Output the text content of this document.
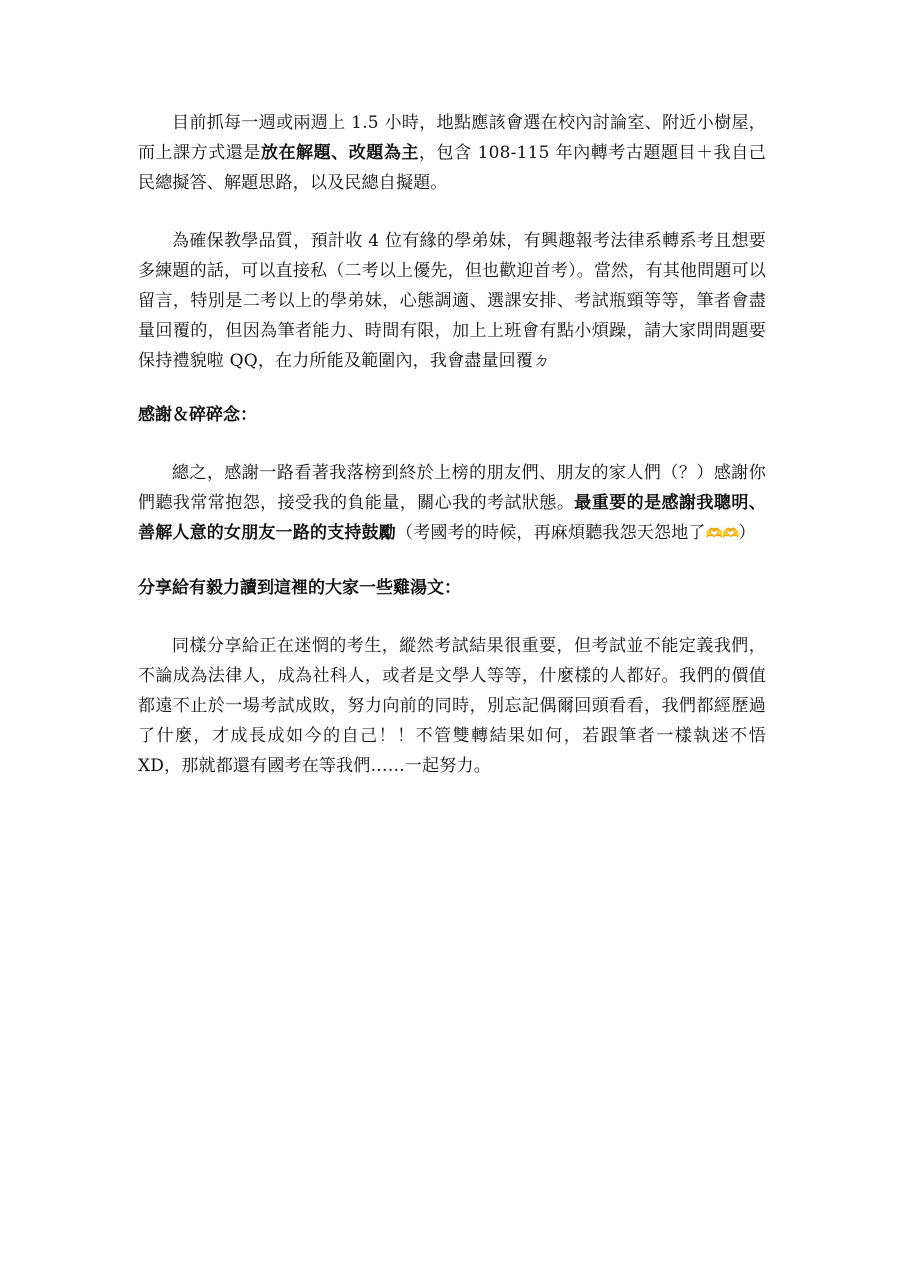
目前抓每一週或兩週上 1.5 小時，地點應該會選在校內討論室、附近小樹屋，而上課方式還是放在解題、改題為主，包含 108-115 年內轉考古題題目＋我自己民總擬答、解題思路，以及民總自擬題。

為確保教學品質，預計收 4 位有緣的學弟妹，有興趣報考法律系轉系考且想要多練題的話，可以直接私（二考以上優先，但也歡迎首考）。當然，有其他問題可以留言，特別是二考以上的學弟妹，心態調適、選課安排、考試瓶頸等等，筆者會盡量回覆的，但因為筆者能力、時間有限，加上上班會有點小煩躁，請大家問問題要保持禮貌啦 QQ，在力所能及範圍內，我會盡量回覆ㄉ

感謝＆碎碎念：

總之，感謝一路看著我落榜到終於上榜的朋友們、朋友的家人們（？）感謝你們聽我常常抱怨，接受我的負能量，關心我的考試狀態。最重要的是感謝我聰明、善解人意的女朋友一路的支持鼓勵（考國考的時候，再麻煩聽我怨天怨地了🫶🫶）

分享給有毅力讀到這裡的大家一些雞湯文：

同樣分享給正在迷惘的考生，縱然考試結果很重要，但考試並不能定義我們，不論成為法律人，成為社科人，或者是文學人等等，什麼樣的人都好。我們的價值都遠不止於一場考試成敗，努力向前的同時，別忘記偶爾回頭看看，我們都經歷過了什麼，才成長成如今的自己！！不管雙轉結果如何，若跟筆者一樣執迷不悟 XD，那就都還有國考在等我們……一起努力。
